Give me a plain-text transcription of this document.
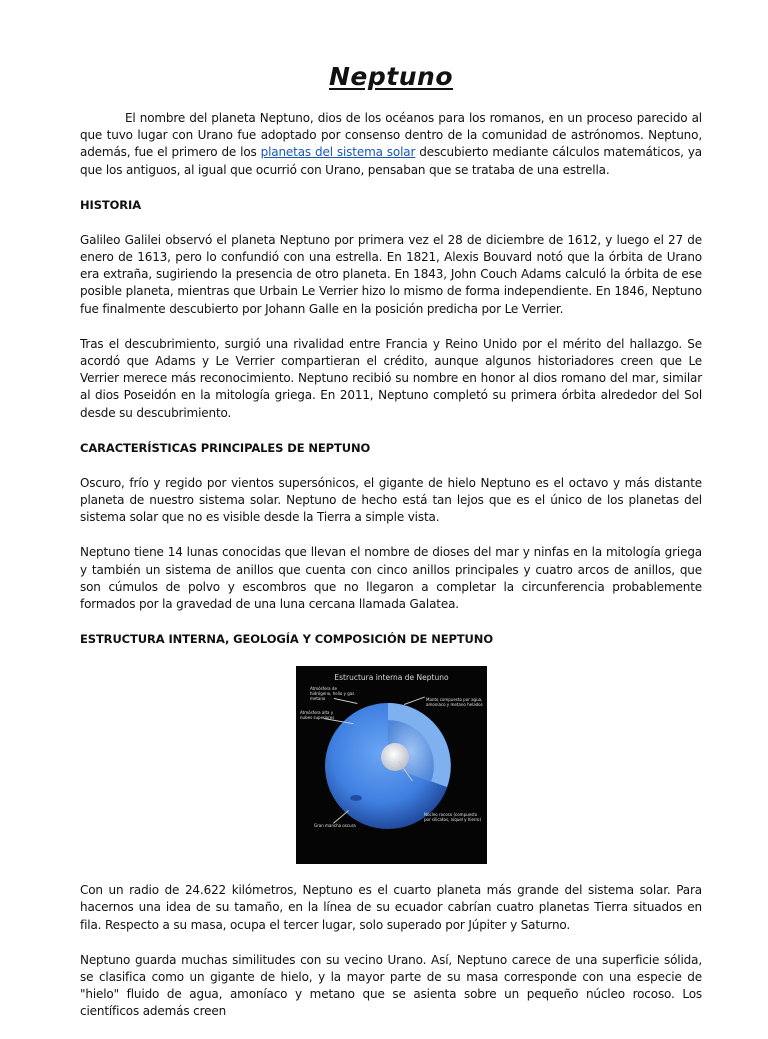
Neptuno

El nombre del planeta Neptuno, dios de los océanos para los romanos, en un proceso parecido al que tuvo lugar con Urano fue adoptado por consenso dentro de la comunidad de astrónomos. Neptuno, además, fue el primero de los planetas del sistema solar descubierto mediante cálculos matemáticos, ya que los antiguos, al igual que ocurrió con Urano, pensaban que se trataba de una estrella.

HISTORIA

Galileo Galilei observó el planeta Neptuno por primera vez el 28 de diciembre de 1612, y luego el 27 de enero de 1613, pero lo confundió con una estrella. En 1821, Alexis Bouvard notó que la órbita de Urano era extraña, sugiriendo la presencia de otro planeta. En 1843, John Couch Adams calculó la órbita de ese posible planeta, mientras que Urbain Le Verrier hizo lo mismo de forma independiente. En 1846, Neptuno fue finalmente descubierto por Johann Galle en la posición predicha por Le Verrier.

Tras el descubrimiento, surgió una rivalidad entre Francia y Reino Unido por el mérito del hallazgo. Se acordó que Adams y Le Verrier compartieran el crédito, aunque algunos historiadores creen que Le Verrier merece más reconocimiento. Neptuno recibió su nombre en honor al dios romano del mar, similar al dios Poseidón en la mitología griega. En 2011, Neptuno completó su primera órbita alrededor del Sol desde su descubrimiento.

CARACTERÍSTICAS PRINCIPALES DE NEPTUNO

Oscuro, frío y regido por vientos supersónicos, el gigante de hielo Neptuno es el octavo y más distante planeta de nuestro sistema solar. Neptuno de hecho está tan lejos que es el único de los planetas del sistema solar que no es visible desde la Tierra a simple vista.

Neptuno tiene 14 lunas conocidas que llevan el nombre de dioses del mar y ninfas en la mitología griega y también un sistema de anillos que cuenta con cinco anillos principales y cuatro arcos de anillos, que son cúmulos de polvo y escombros que no llegaron a completar la circunferencia probablemente formados por la gravedad de una luna cercana llamada Galatea.

ESTRUCTURA INTERNA, GEOLOGÍA Y COMPOSICIÓN DE NEPTUNO
Estructura interna de Neptuno
Atmósfera de hidrógeno, helio y gas metano
Atmósfera alta y nubes superiores
Manto compuesto por agua, amoníaco y metano helados
Núcleo rocoso (compuesto por silicatos, níquel y hierro)
Gran mancha oscura

Con un radio de 24.622 kilómetros, Neptuno es el cuarto planeta más grande del sistema solar. Para hacernos una idea de su tamaño, en la línea de su ecuador cabrían cuatro planetas Tierra situados en fila. Respecto a su masa, ocupa el tercer lugar, solo superado por Júpiter y Saturno.

Neptuno guarda muchas similitudes con su vecino Urano. Así, Neptuno carece de una superficie sólida, se clasifica como un gigante de hielo, y la mayor parte de su masa corresponde con una especie de "hielo" fluido de agua, amoníaco y metano que se asienta sobre un pequeño núcleo rocoso. Los científicos además creen
